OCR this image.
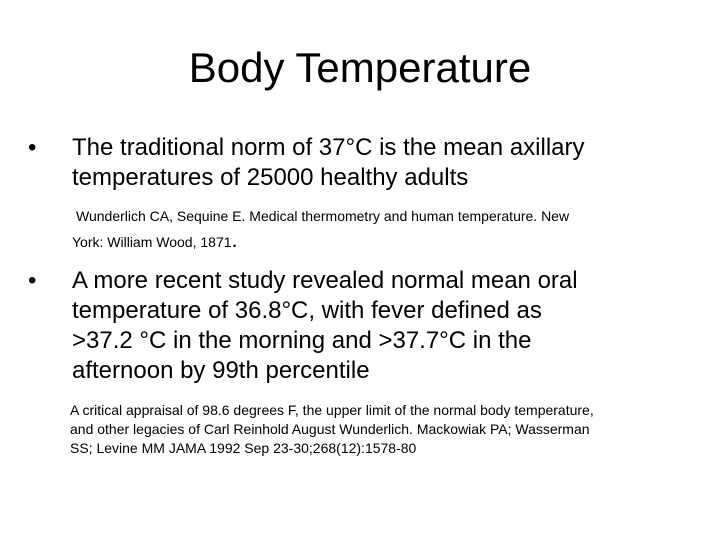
Body Temperature
• The traditional norm of 37°C is the mean axillary
temperatures of 25000 healthy adults
Wunderlich CA, Sequine E. Medical thermometry and human temperature. New
York: William Wood, 1871.
• A more recent study revealed normal mean oral
temperature of 36.8°C, with fever defined as
>37.2 °C in the morning and >37.7°C in the
afternoon by 99th percentile
A critical appraisal of 98.6 degrees F, the upper limit of the normal body temperature,
and other legacies of Carl Reinhold August Wunderlich. Mackowiak PA; Wasserman
SS; Levine MM JAMA 1992 Sep 23-30;268(12):1578-80
